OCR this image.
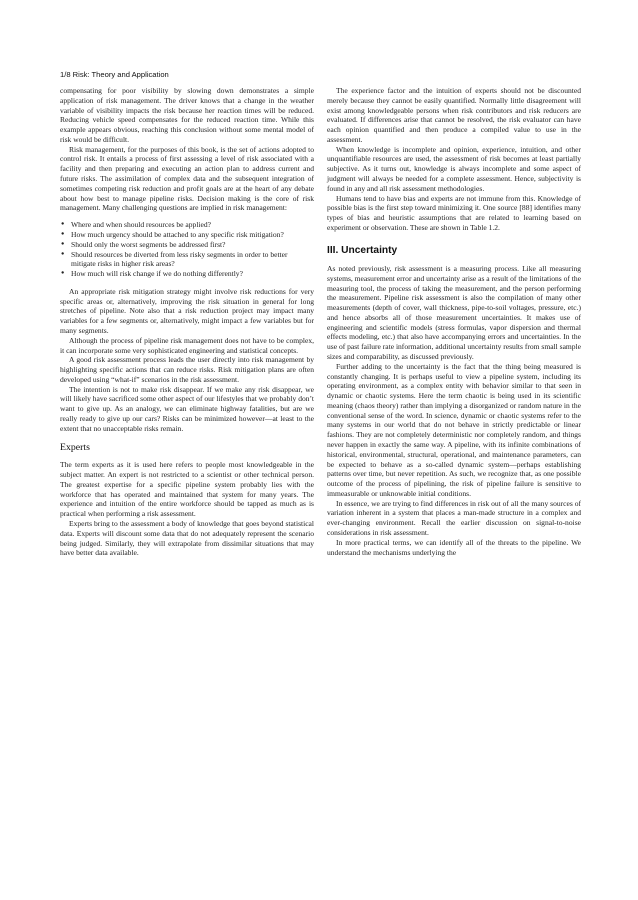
1/8 Risk: Theory and Application

compensating for poor visibility by slowing down demonstrates a simple application of risk management. The driver knows that a change in the weather variable of visibility impacts the risk because her reaction times will be reduced. Reducing vehicle speed compensates for the reduced reaction time. While this example appears obvious, reaching this conclusion without some mental model of risk would be difficult.

Risk management, for the purposes of this book, is the set of actions adopted to control risk. It entails a process of first assessing a level of risk associated with a facility and then preparing and executing an action plan to address current and future risks. The assimilation of complex data and the subsequent integration of sometimes competing risk reduction and profit goals are at the heart of any debate about how best to manage pipeline risks. Decision making is the core of risk management. Many challenging questions are implied in risk management:

● Where and when should resources be applied?
● How much urgency should be attached to any specific risk mitigation?
● Should only the worst segments be addressed first?
● Should resources be diverted from less risky segments in order to better mitigate risks in higher risk areas?
● How much will risk change if we do nothing differently?

An appropriate risk mitigation strategy might involve risk reductions for very specific areas or, alternatively, improving the risk situation in general for long stretches of pipeline. Note also that a risk reduction project may impact many variables for a few segments or, alternatively, might impact a few variables but for many segments.

Although the process of pipeline risk management does not have to be complex, it can incorporate some very sophisticated engineering and statistical concepts.

A good risk assessment process leads the user directly into risk management by highlighting specific actions that can reduce risks. Risk mitigation plans are often developed using “what-if” scenarios in the risk assessment.

The intention is not to make risk disappear. If we make any risk disappear, we will likely have sacrificed some other aspect of our lifestyles that we probably don’t want to give up. As an analogy, we can eliminate highway fatalities, but are we really ready to give up our cars? Risks can be minimized however—at least to the extent that no unacceptable risks remain.

Experts

The term experts as it is used here refers to people most knowledgeable in the subject matter. An expert is not restricted to a scientist or other technical person. The greatest expertise for a specific pipeline system probably lies with the workforce that has operated and maintained that system for many years. The experience and intuition of the entire workforce should be tapped as much as is practical when performing a risk assessment.

Experts bring to the assessment a body of knowledge that goes beyond statistical data. Experts will discount some data that do not adequately represent the scenario being judged. Similarly, they will extrapolate from dissimilar situations that may have better data available.

The experience factor and the intuition of experts should not be discounted merely because they cannot be easily quantified. Normally little disagreement will exist among knowledgeable persons when risk contributors and risk reducers are evaluated. If differences arise that cannot be resolved, the risk evaluator can have each opinion quantified and then produce a compiled value to use in the assessment.

When knowledge is incomplete and opinion, experience, intuition, and other unquantifiable resources are used, the assessment of risk becomes at least partially subjective. As it turns out, knowledge is always incomplete and some aspect of judgment will always be needed for a complete assessment. Hence, subjectivity is found in any and all risk assessment methodologies.

Humans tend to have bias and experts are not immune from this. Knowledge of possible bias is the first step toward minimizing it. One source [88] identifies many types of bias and heuristic assumptions that are related to learning based on experiment or observation. These are shown in Table 1.2.

III. Uncertainty

As noted previously, risk assessment is a measuring process. Like all measuring systems, measurement error and uncertainty arise as a result of the limitations of the measuring tool, the process of taking the measurement, and the person performing the measurement. Pipeline risk assessment is also the compilation of many other measurements (depth of cover, wall thickness, pipe-to-soil voltages, pressure, etc.) and hence absorbs all of those measurement uncertainties. It makes use of engineering and scientific models (stress formulas, vapor dispersion and thermal effects modeling, etc.) that also have accompanying errors and uncertainties. In the use of past failure rate information, additional uncertainty results from small sample sizes and comparability, as discussed previously.

Further adding to the uncertainty is the fact that the thing being measured is constantly changing. It is perhaps useful to view a pipeline system, including its operating environment, as a complex entity with behavior similar to that seen in dynamic or chaotic systems. Here the term chaotic is being used in its scientific meaning (chaos theory) rather than implying a disorganized or random nature in the conventional sense of the word. In science, dynamic or chaotic systems refer to the many systems in our world that do not behave in strictly predictable or linear fashions. They are not completely deterministic nor completely random, and things never happen in exactly the same way. A pipeline, with its infinite combinations of historical, environmental, structural, operational, and maintenance parameters, can be expected to behave as a so-called dynamic system—perhaps establishing patterns over time, but never repetition. As such, we recognize that, as one possible outcome of the process of pipelining, the risk of pipeline failure is sensitive to immeasurable or unknowable initial conditions.

In essence, we are trying to find differences in risk out of all the many sources of variation inherent in a system that places a man-made structure in a complex and ever-changing environment. Recall the earlier discussion on signal-to-noise considerations in risk assessment.

In more practical terms, we can identify all of the threats to the pipeline. We understand the mechanisms underlying the
